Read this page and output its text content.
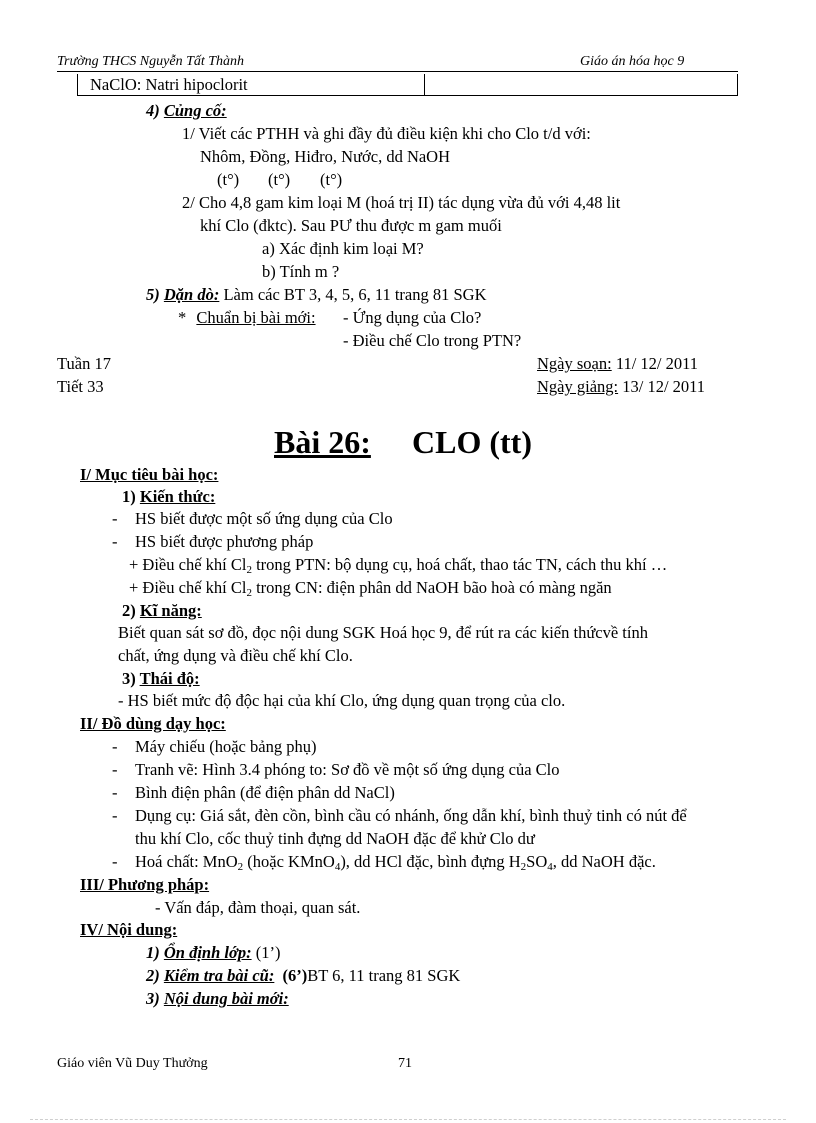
Trường THCS Nguyễn Tất Thành	Giáo án hóa học 9
NaClO: Natri hipoclorit
4) Củng cố:
1/ Viết các PTHH và ghi đầy đủ điều kiện khi cho Clo t/d với:
Nhôm, Đồng, Hiđro, Nước, dd NaOH
(t°) (t°) (t°)
2/ Cho 4,8 gam kim loại M (hoá trị II) tác dụng vừa đủ với 4,48 lit
khí Clo (đktc). Sau PƯ thu được m gam muối
a) Xác định kim loại M?
b) Tính m ?
5) Dặn dò: Làm các BT 3, 4, 5, 6, 11 trang 81 SGK
* Chuẩn bị bài mới: - Ứng dụng của Clo?
- Điều chế Clo trong PTN?
Tuần 17
Tiết 33
Ngày soạn: 11/ 12/ 2011
Ngày giảng: 13/ 12/ 2011
Bài 26: CLO (tt)
I/ Mục tiêu bài học:
1) Kiến thức:
- HS biết được một số ứng dụng của Clo
- HS biết được phương pháp
+ Điều chế khí $Cl_2$ trong PTN: bộ dụng cụ, hoá chất, thao tác TN, cách thu khí …
+ Điều chế khí $Cl_2$ trong CN: điện phân dd NaOH bão hoà có màng ngăn
2) Kĩ năng:
Biết quan sát sơ đồ, đọc nội dung SGK Hoá học 9, để rút ra các kiến thứcvề tính
chất, ứng dụng và điều chế khí Clo.
3) Thái độ:
- HS biết mức độ độc hại của khí Clo, ứng dụng quan trọng của clo.
II/ Đồ dùng dạy học:
- Máy chiếu (hoặc bảng phụ)
- Tranh vẽ: Hình 3.4 phóng to: Sơ đồ về một số ứng dụng của Clo
- Bình điện phân (để điện phân dd NaCl)
- Dụng cụ: Giá sắt, đèn cồn, bình cầu có nhánh, ống dẫn khí, bình thuỷ tinh có nút để
thu khí Clo, cốc thuỷ tinh đựng dd NaOH đặc để khử Clo dư
- Hoá chất: MnO$_2$ (hoặc KMnO$_4$), dd HCl đặc, bình đựng $H_2SO_4$, dd NaOH đặc.
III/ Phương pháp:
- Vấn đáp, đàm thoại, quan sát.
IV/ Nội dung:
1) Ổn định lớp: (1’)
2) Kiểm tra bài cũ: (6’)BT 6, 11 trang 81 SGK
3) Nội dung bài mới:
Giáo viên Vũ Duy Thưởng	71
